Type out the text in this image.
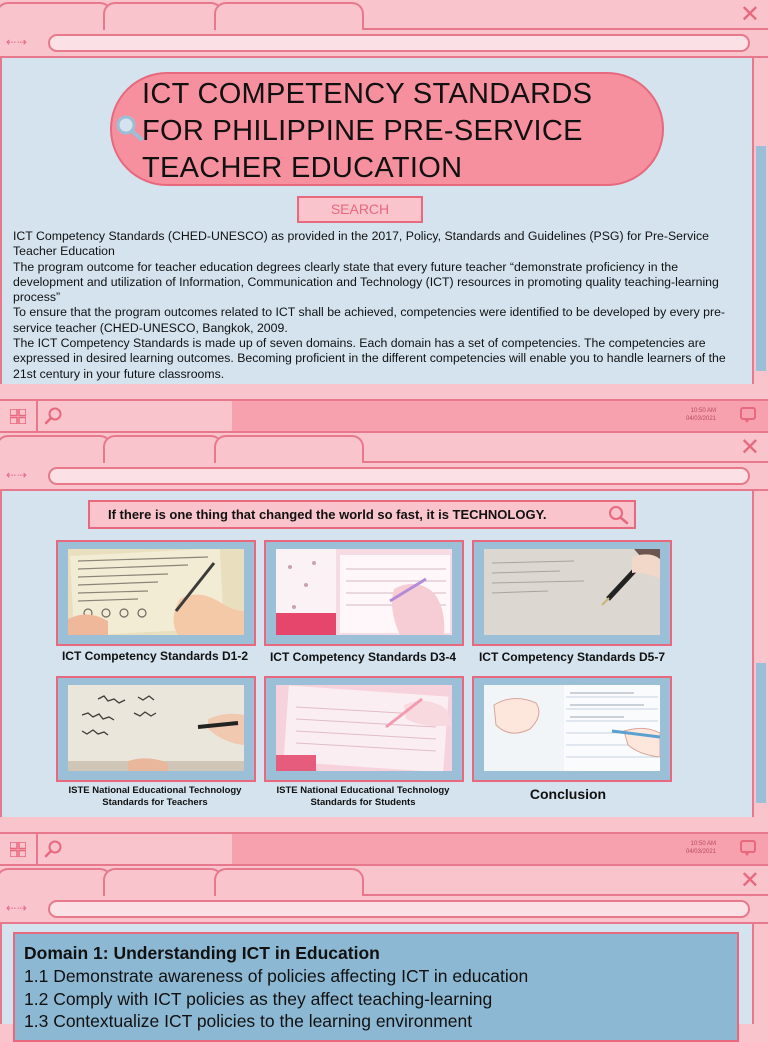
✕
⇠⇢
ICT COMPETENCY STANDARDS FOR PHILIPPINE PRE-SERVICE TEACHER EDUCATION
SEARCH

ICT Competency Standards (CHED-UNESCO) as provided in the 2017, Policy, Standards and Guidelines (PSG) for Pre-Service Teacher Education

The program outcome for teacher education degrees clearly state that every future teacher “demonstrate proficiency in the development and utilization of Information, Communication and Technology (ICT) resources in promoting quality teaching-learning process”

To ensure that the program outcomes related to ICT shall be achieved, competencies were identified to be developed by every pre-service teacher (CHED-UNESCO, Bangkok, 2009.

The ICT Competency Standards is made up of seven domains. Each domain has a set of competencies. The competencies are expressed in desired learning outcomes. Becoming proficient in the different competencies will enable you to handle learners of the 21st century in your future classrooms.

10:50 AM
04/03/2021
✕
⇠⇢
If there is one thing that changed the world so fast, it is TECHNOLOGY.
ICT Competency Standards D1-2	ICT Competency Standards D3-4	ICT Competency Standards D5-7
ISTE National Educational Technology Standards for Teachers
ISTE National Educational Technology Standards for Students
Conclusion
10:50 AM
04/03/2021
✕
⇠⇢
Domain 1: Understanding ICT in Education
1.1 Demonstrate awareness of policies affecting ICT in education
1.2 Comply with ICT policies as they affect teaching-learning
1.3 Contextualize ICT policies to the learning environment
